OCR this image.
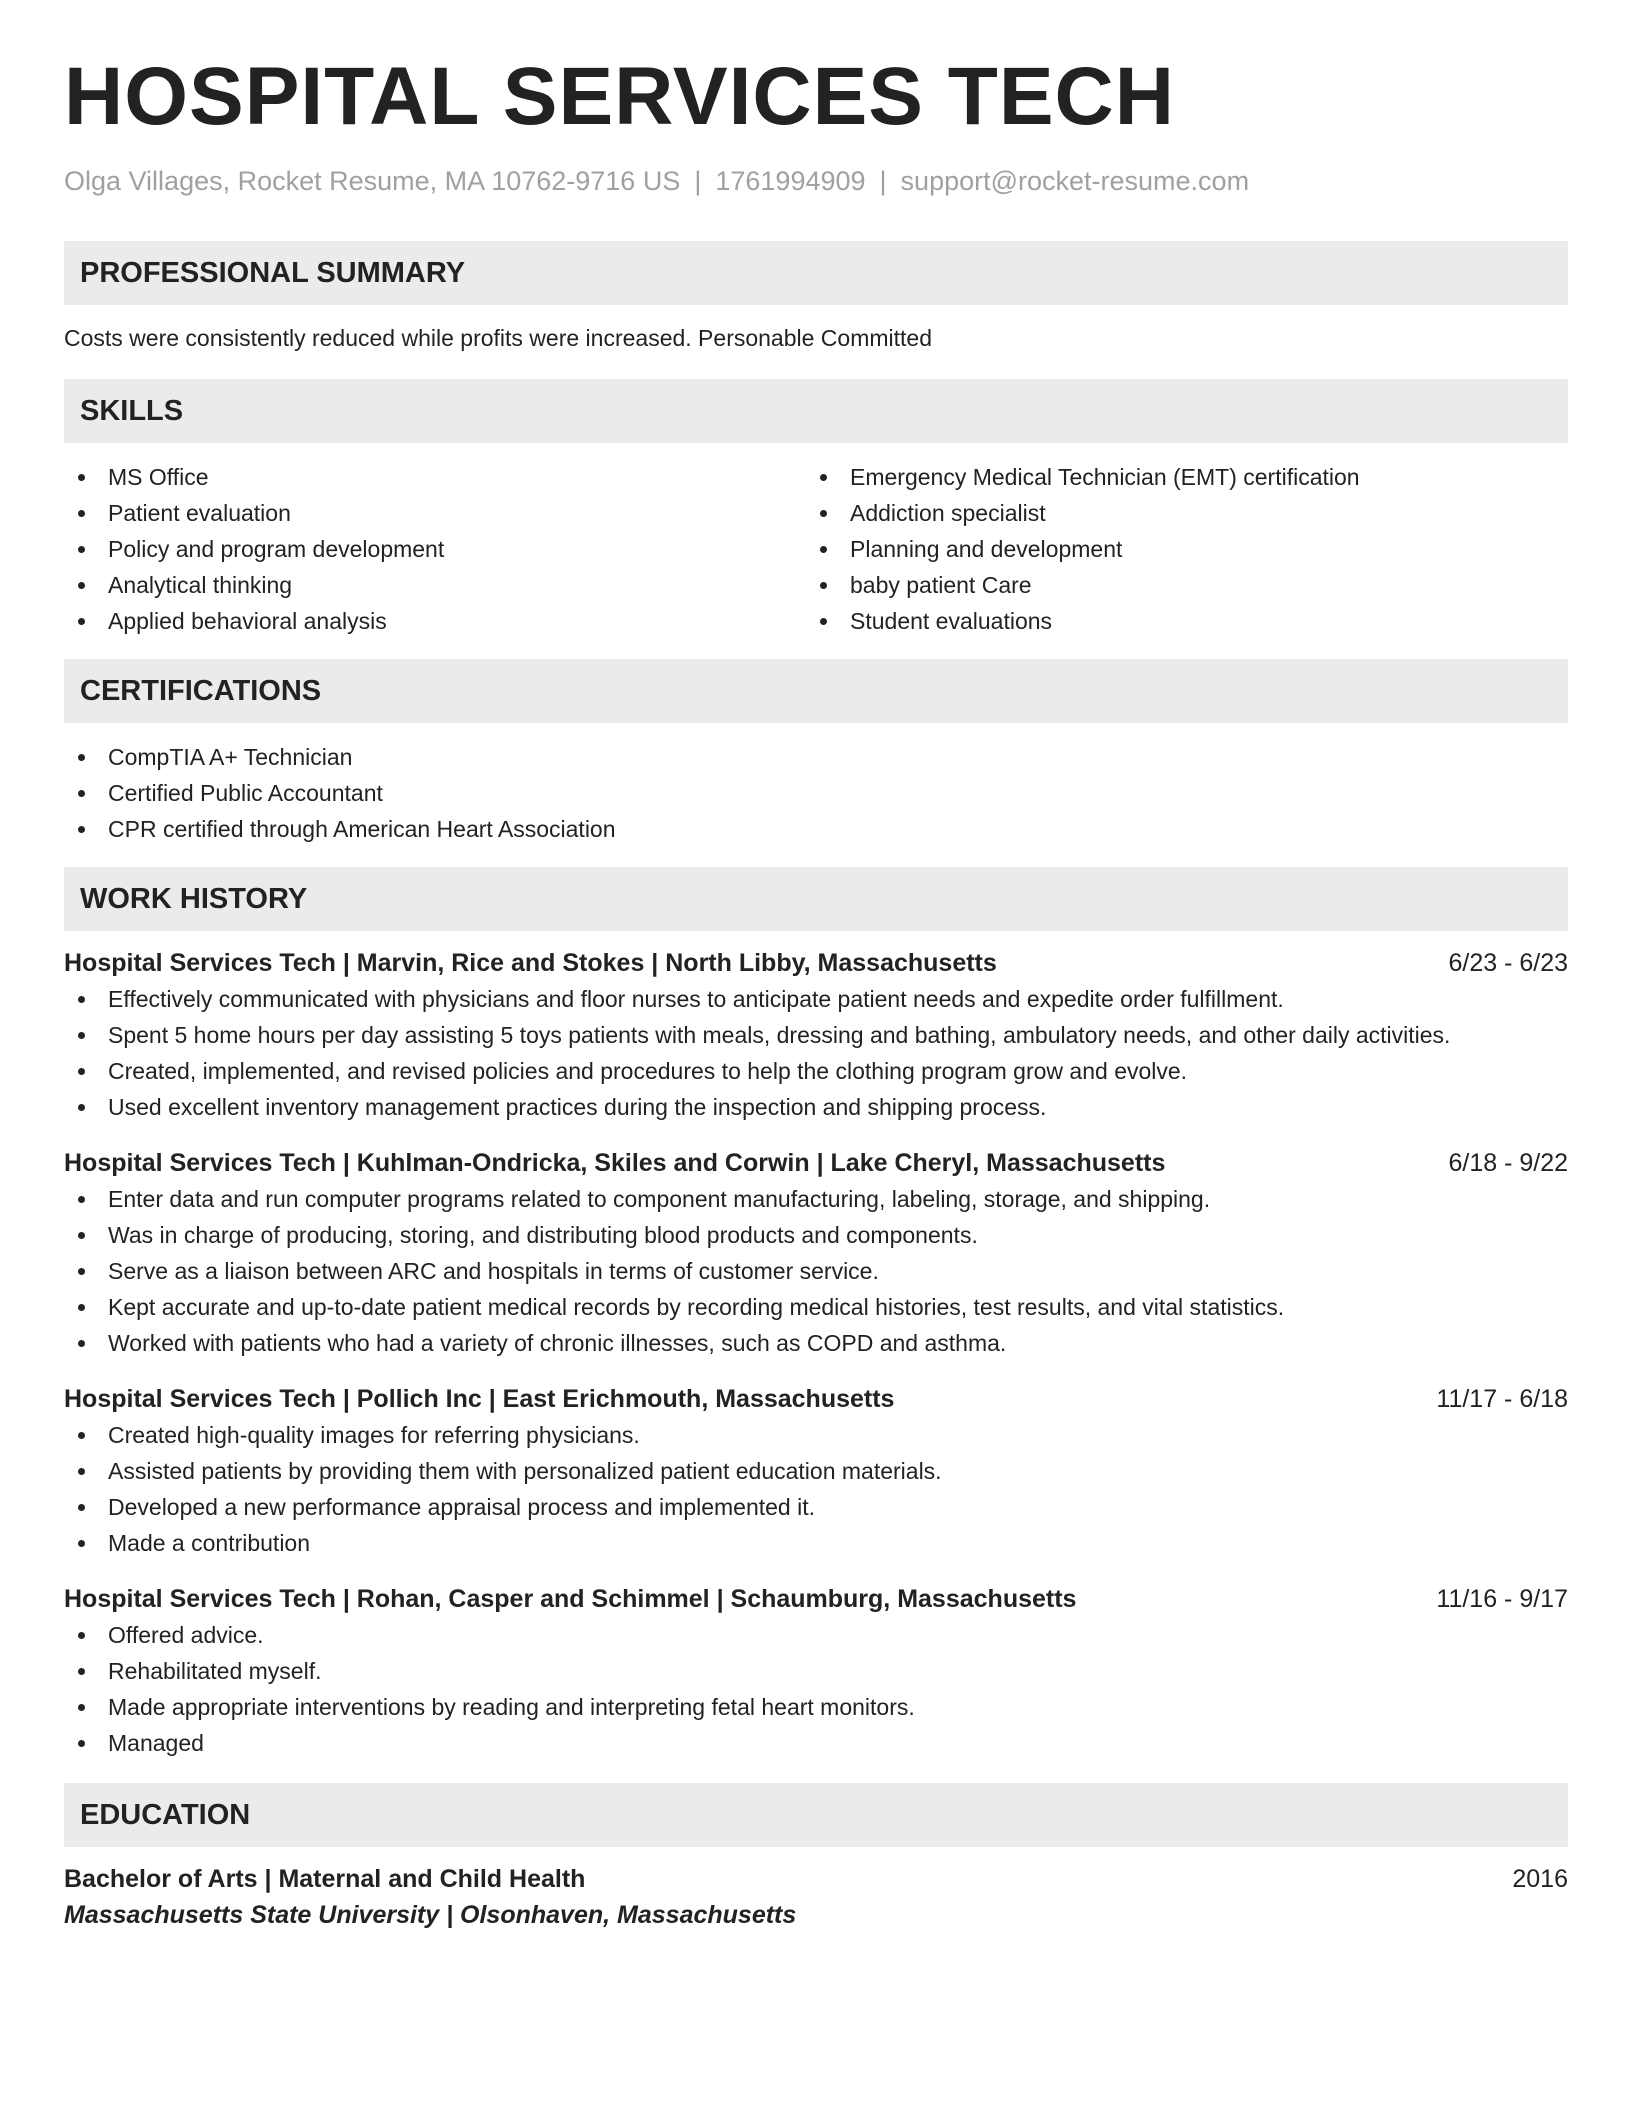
HOSPITAL SERVICES TECH
Olga Villages, Rocket Resume, MA 10762-9716 US | 1761994909 | support@rocket-resume.com
PROFESSIONAL SUMMARY
Costs were consistently reduced while profits were increased. Personable Committed
SKILLS
MS Office
Patient evaluation
Policy and program development
Analytical thinking
Applied behavioral analysis
Emergency Medical Technician (EMT) certification
Addiction specialist
Planning and development
baby patient Care
Student evaluations
CERTIFICATIONS
CompTIA A+ Technician
Certified Public Accountant
CPR certified through American Heart Association
WORK HISTORY
Hospital Services Tech | Marvin, Rice and Stokes | North Libby, Massachusetts	6/23 - 6/23
Effectively communicated with physicians and floor nurses to anticipate patient needs and expedite order fulfillment.
Spent 5 home hours per day assisting 5 toys patients with meals, dressing and bathing, ambulatory needs, and other daily activities.
Created, implemented, and revised policies and procedures to help the clothing program grow and evolve.
Used excellent inventory management practices during the inspection and shipping process.
Hospital Services Tech | Kuhlman-Ondricka, Skiles and Corwin | Lake Cheryl, Massachusetts	6/18 - 9/22
Enter data and run computer programs related to component manufacturing, labeling, storage, and shipping.
Was in charge of producing, storing, and distributing blood products and components.
Serve as a liaison between ARC and hospitals in terms of customer service.
Kept accurate and up-to-date patient medical records by recording medical histories, test results, and vital statistics.
Worked with patients who had a variety of chronic illnesses, such as COPD and asthma.
Hospital Services Tech | Pollich Inc | East Erichmouth, Massachusetts	11/17 - 6/18
Created high-quality images for referring physicians.
Assisted patients by providing them with personalized patient education materials.
Developed a new performance appraisal process and implemented it.
Made a contribution
Hospital Services Tech | Rohan, Casper and Schimmel | Schaumburg, Massachusetts	11/16 - 9/17
Offered advice.
Rehabilitated myself.
Made appropriate interventions by reading and interpreting fetal heart monitors.
Managed
EDUCATION
Bachelor of Arts | Maternal and Child Health	2016
Massachusetts State University | Olsonhaven, Massachusetts
